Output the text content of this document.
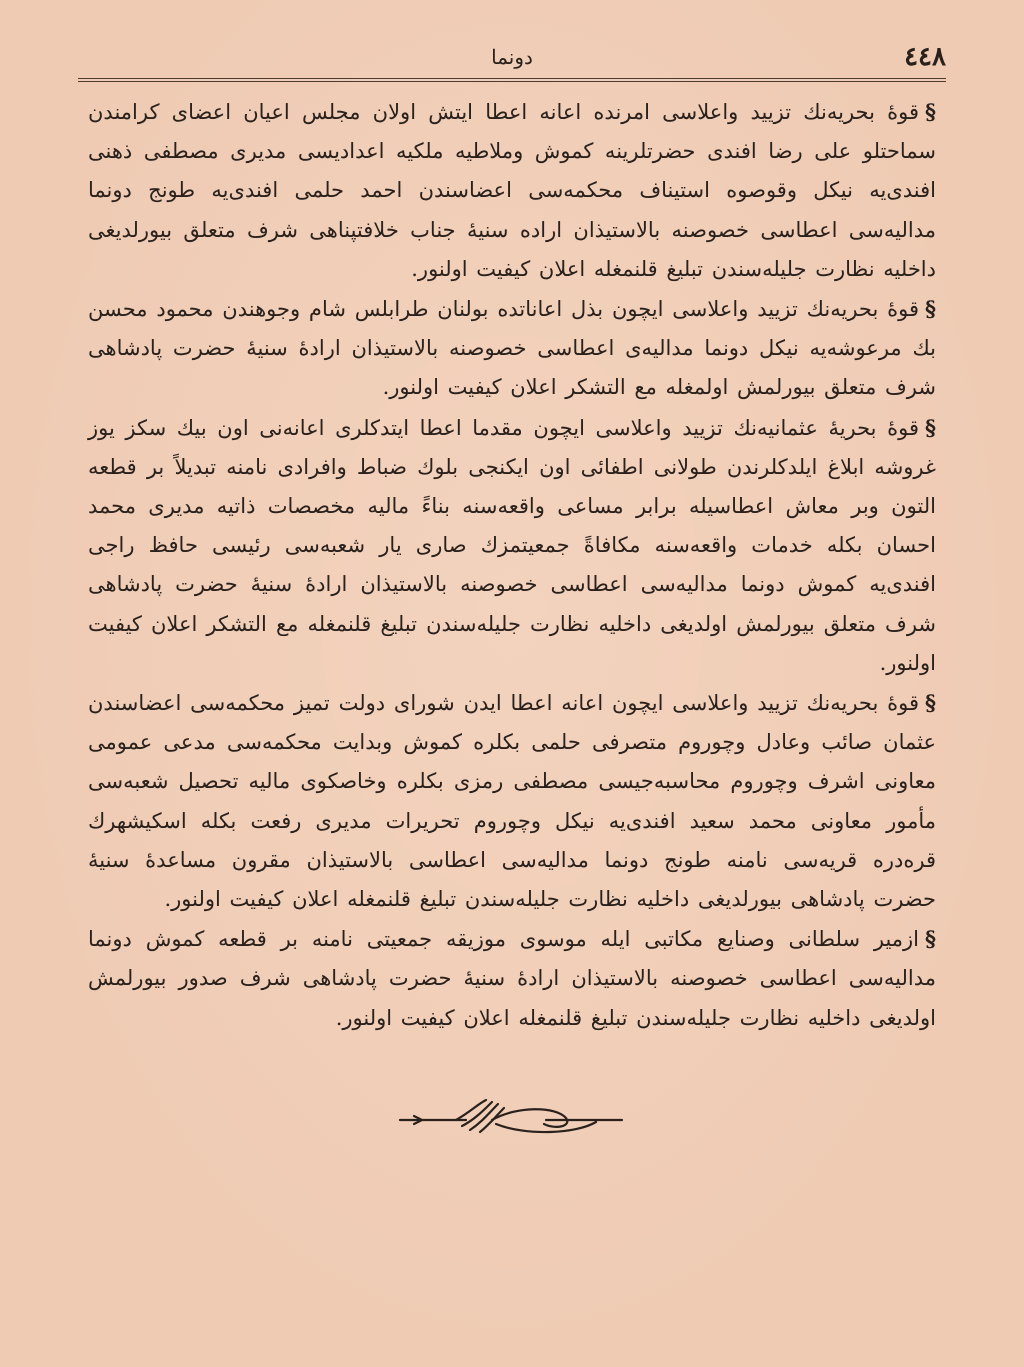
٤٤٨
دونما

§قوۀ بحریه‌نك تزیید واعلاسی امرنده اعانه اعطا ایتش اولان مجلس اعیان اعضای کرامندن سماحتلو علی رضا افندی حضرتلرینه کموش وملاطیه ملکیه اعدادیسی مدیری مصطفی ذهنی افندی‌یه نیکل وقوصوه استیناف محکمه‌سی اعضاسندن احمد حلمی افندی‌یه طونج دونما مدالیه‌سی اعطاسی خصوصنه بالاستیذان اراده سنیۀ جناب خلافتپناهی شرف متعلق بیورلدیغی داخلیه نظارت جلیله‌سندن تبلیغ قلنمغله اعلان کیفیت اولنور.

§قوۀ بحریه‌نك تزیید واعلاسی ایچون بذل اعاناتده بولنان طرابلس شام وجوهندن محمود محسن بك مرعوشه‌یه نیکل دونما مدالیه‌ی اعطاسی خصوصنه بالاستیذان ارادۀ سنیۀ حضرت پادشاهی شرف متعلق بیورلمش اولمغله مع التشکر اعلان کیفیت اولنور.

§قوۀ بحریۀ عثمانیه‌نك تزیید واعلاسی ایچون مقدما اعطا ایتدکلری اعانه‌نی اون بیك سکز یوز غروشه ابلاغ ایلدکلرندن طولانی اطفائی اون ایکنجی بلوك ضباط وافرادی نامنه تبدیلاً بر قطعه التون وبر معاش اعطاسیله برابر مساعی واقعه‌سنه بناءً مالیه مخصصات ذاتیه مدیری محمد احسان بکله خدمات واقعه‌سنه مکافاةً جمعیتمزك صاری یار شعبه‌سی رئیسی حافظ راجی افندی‌یه کموش دونما مدالیه‌سی اعطاسی خصوصنه بالاستیذان ارادۀ سنیۀ حضرت پادشاهی شرف متعلق بیورلمش اولدیغی داخلیه نظارت جلیله‌سندن تبلیغ قلنمغله مع التشکر اعلان کیفیت اولنور.

§قوۀ بحریه‌نك تزیید واعلاسی ایچون اعانه اعطا ایدن شورای دولت تمیز محکمه‌سی اعضاسندن عثمان صائب وعادل وچوروم متصرفی حلمی بکلره کموش وبدایت محکمه‌سی مدعی عمومی معاونی اشرف وچوروم محاسبه‌جیسی مصطفی رمزی بکلره وخاصکوی مالیه تحصیل شعبه‌سی مأمور معاونی محمد سعید افندی‌یه نیکل وچوروم تحریرات مدیری رفعت بکله اسکیشهرك قره‌دره قریه‌سی نامنه طونج دونما مدالیه‌سی اعطاسی بالاستیذان مقرون مساعدۀ سنیۀ حضرت پادشاهی بیورلدیغی داخلیه نظارت جلیله‌سندن تبلیغ قلنمغله اعلان کیفیت اولنور.

§ازمیر سلطانی وصنایع مکاتبی ایله موسوی موزیقه جمعیتی نامنه بر قطعه کموش دونما مدالیه‌سی اعطاسی خصوصنه بالاستیذان ارادۀ سنیۀ حضرت پادشاهی شرف صدور بیورلمش اولدیغی داخلیه نظارت جلیله‌سندن تبلیغ قلنمغله اعلان کیفیت اولنور.
